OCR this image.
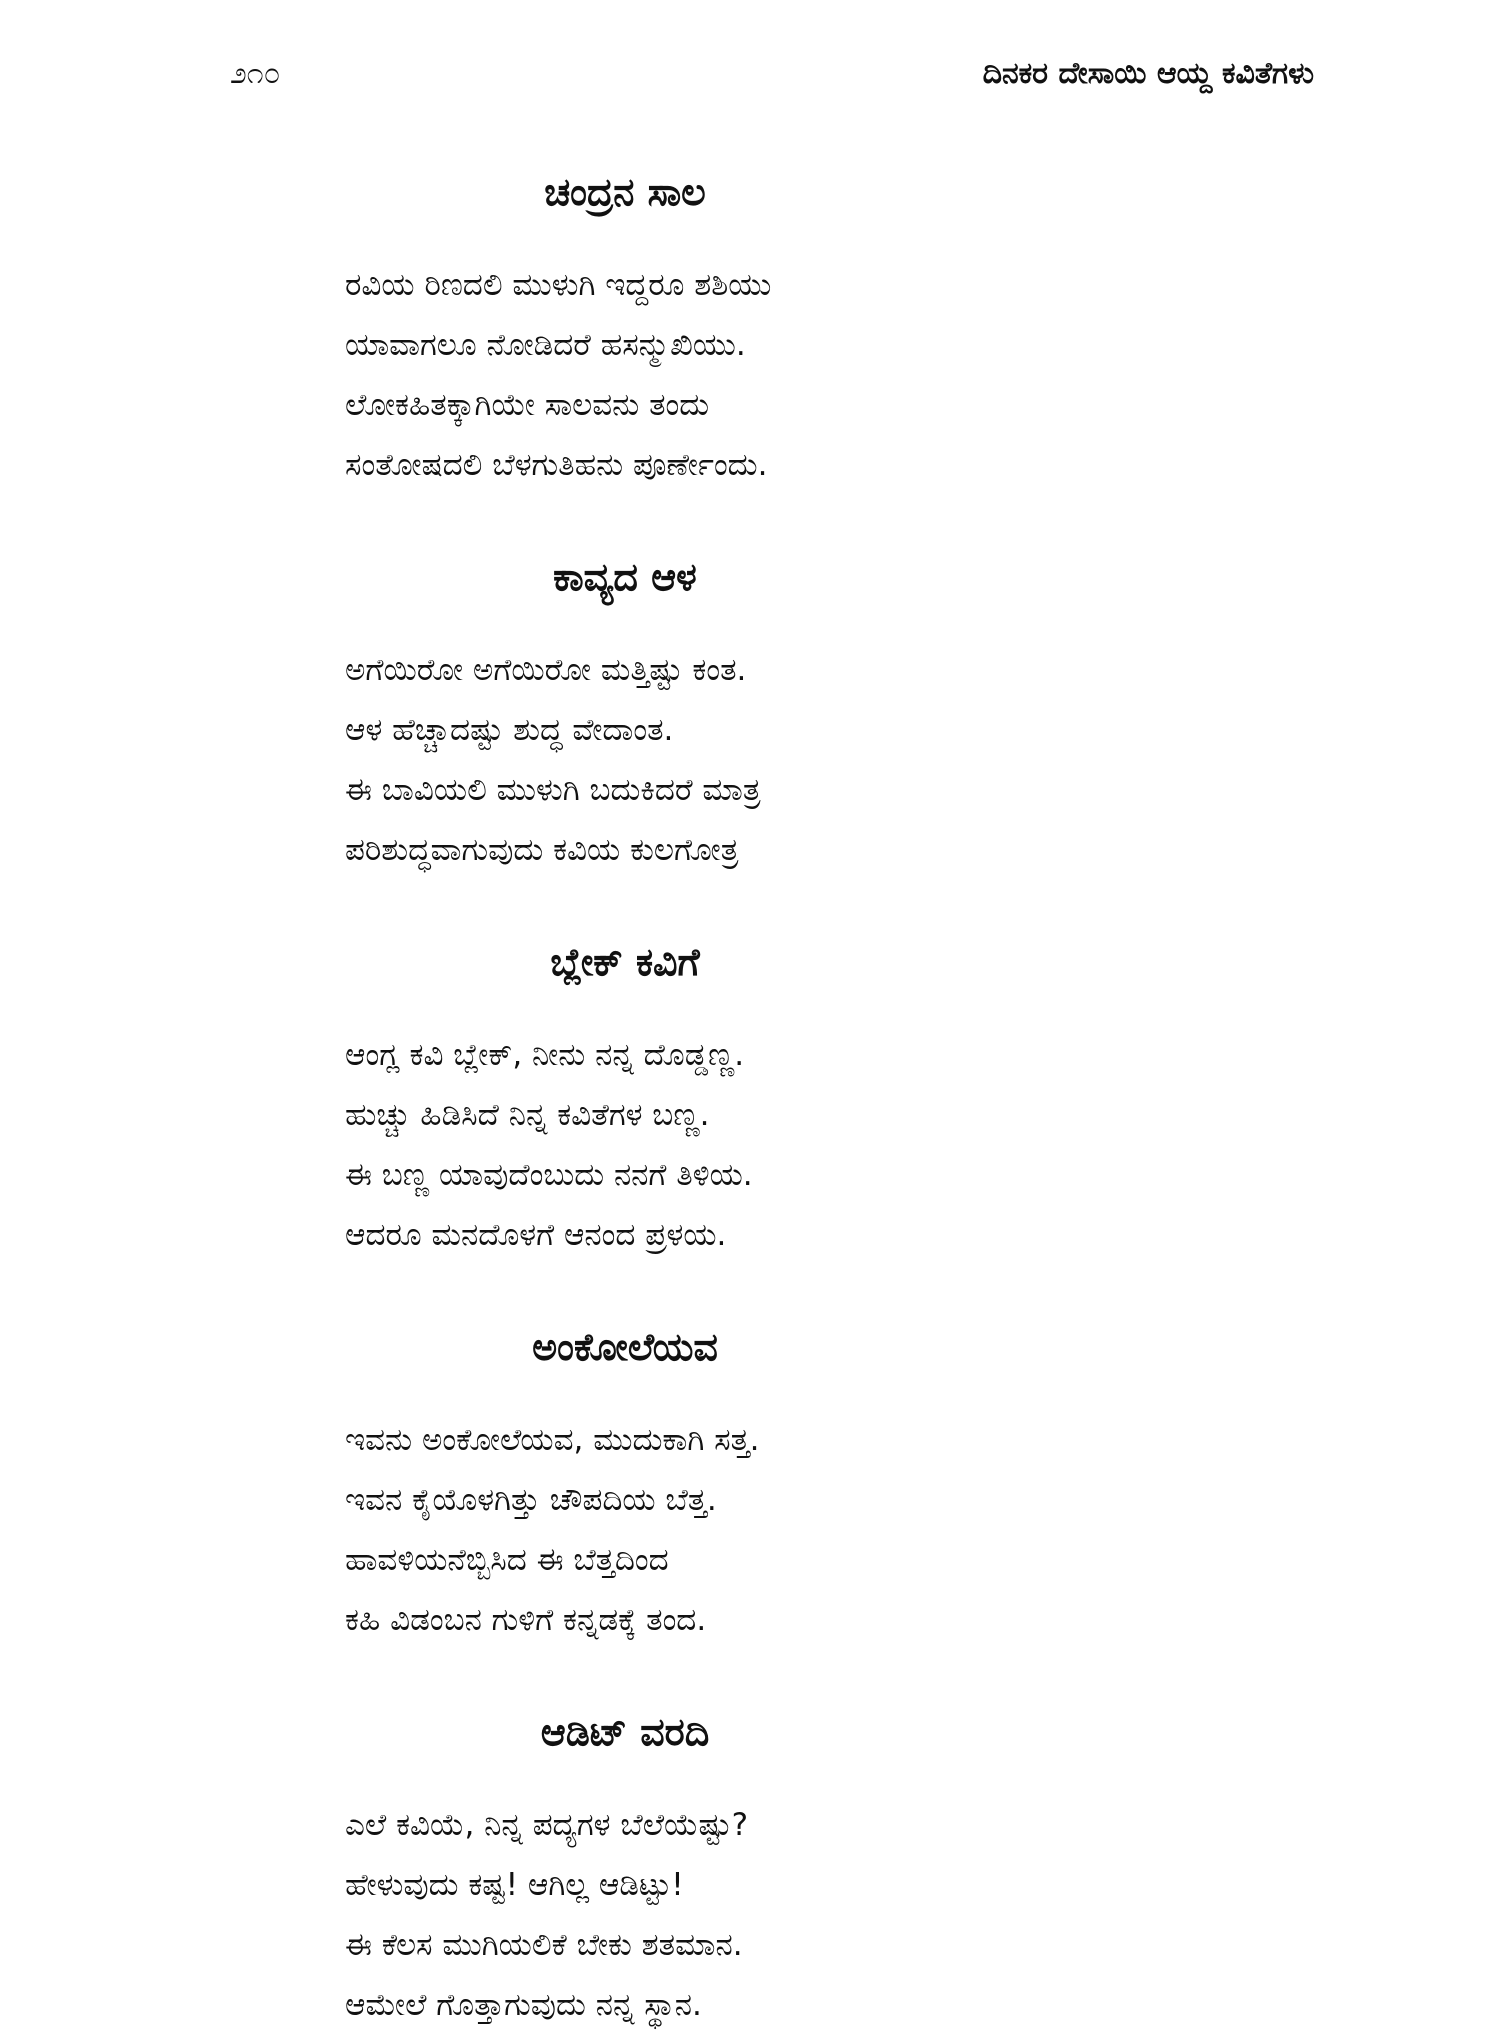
೨೧೦	ದಿನಕರ ದೇಸಾಯಿ ಆಯ್ದ ಕವಿತೆಗಳು
ಚಂದ್ರನ ಸಾಲ
ರವಿಯ ರಿಣದಲಿ ಮುಳುಗಿ ಇದ್ದರೂ ಶಶಿಯು
ಯಾವಾಗಲೂ ನೋಡಿದರೆ ಹಸನ್ಮುಖಿಯು.
ಲೋಕಹಿತಕ್ಕಾಗಿಯೇ ಸಾಲವನು ತಂದು
ಸಂತೋಷದಲಿ ಬೆಳಗುತಿಹನು ಪೂರ್ಣೇಂದು.
ಕಾವ್ಯದ ಆಳ
ಅಗೆಯಿರೋ ಅಗೆಯಿರೋ ಮತ್ತಿಷ್ಟು ಕಂತ.
ಆಳ ಹೆಚ್ಚಾದಷ್ಟು ಶುದ್ಧ ವೇದಾಂತ.
ಈ ಬಾವಿಯಲಿ ಮುಳುಗಿ ಬದುಕಿದರೆ ಮಾತ್ರ
ಪರಿಶುದ್ಧವಾಗುವುದು ಕವಿಯ ಕುಲಗೋತ್ರ
ಬ್ಲೇಕ್ ಕವಿಗೆ
ಆಂಗ್ಲ ಕವಿ ಬ್ಲೇಕ್, ನೀನು ನನ್ನ ದೊಡ್ಡಣ್ಣ.
ಹುಚ್ಚು ಹಿಡಿಸಿದೆ ನಿನ್ನ ಕವಿತೆಗಳ ಬಣ್ಣ.
ಈ ಬಣ್ಣ ಯಾವುದೆಂಬುದು ನನಗೆ ತಿಳಿಯ.
ಆದರೂ ಮನದೊಳಗೆ ಆನಂದ ಪ್ರಳಯ.
ಅಂಕೋಲೆಯವ
ಇವನು ಅಂಕೋಲೆಯವ, ಮುದುಕಾಗಿ ಸತ್ತ.
ಇವನ ಕೈಯೊಳಗಿತ್ತು ಚೌಪದಿಯ ಬೆತ್ತ.
ಹಾವಳಿಯನೆಬ್ಬಿಸಿದ ಈ ಬೆತ್ತದಿಂದ
ಕಹಿ ವಿಡಂಬನ ಗುಳಿಗೆ ಕನ್ನಡಕ್ಕೆ ತಂದ.
ಆಡಿಟ್ ವರದಿ
ಎಲೆ ಕವಿಯೆ, ನಿನ್ನ ಪದ್ಯಗಳ ಬೆಲೆಯೆಷ್ಟು?
ಹೇಳುವುದು ಕಷ್ಟ! ಆಗಿಲ್ಲ ಆಡಿಟ್ಟು!
ಈ ಕೆಲಸ ಮುಗಿಯಲಿಕೆ ಬೇಕು ಶತಮಾನ.
ಆಮೇಲೆ ಗೊತ್ತಾಗುವುದು ನನ್ನ ಸ್ಥಾನ.
